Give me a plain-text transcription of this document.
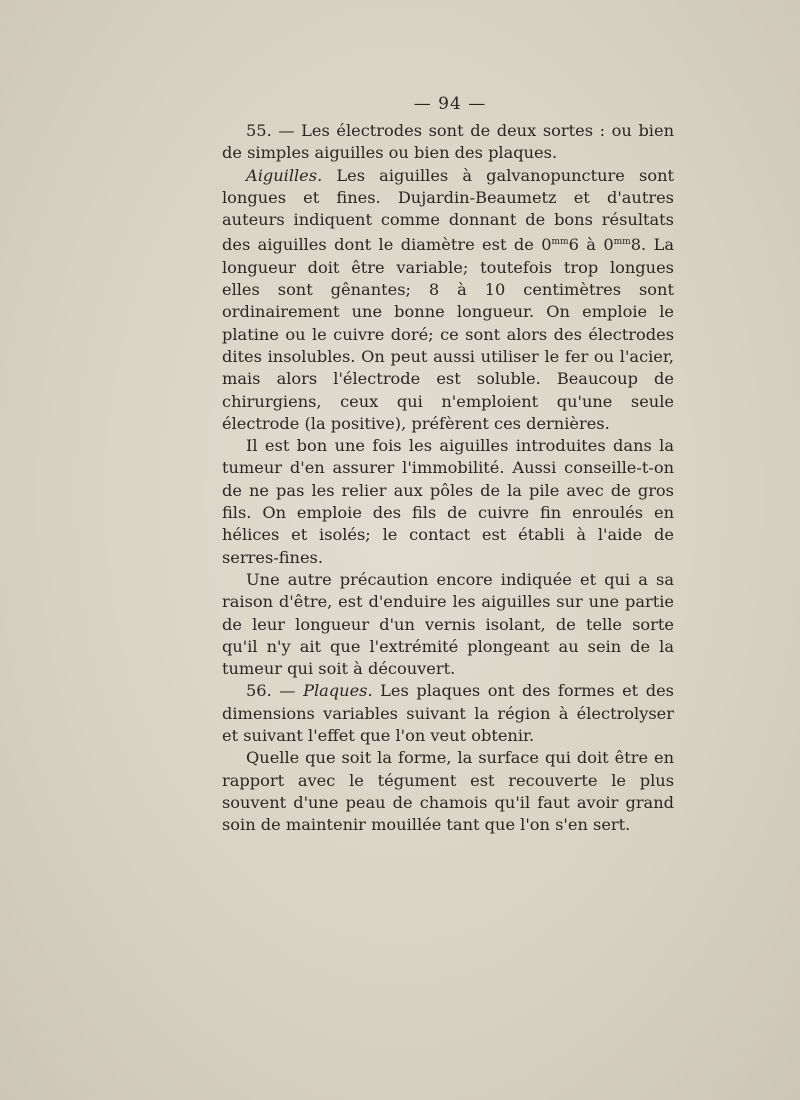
— 94 —

55. — Les électrodes sont de deux sortes : ou bien de simples aiguilles ou bien des plaques.

Aiguilles. Les aiguilles à galvanopuncture sont longues et fines. Dujardin-Beaumetz et d'autres auteurs indiquent comme donnant de bons résultats des aiguilles dont le diamètre est de $0^{mm}6$ à $0^{mm}8$. La longueur doit être variable; toutefois trop longues elles sont gênantes; 8 à 10 centimètres sont ordinairement une bonne longueur. On emploie le platine ou le cuivre doré; ce sont alors des électrodes dites insolubles. On peut aussi utiliser le fer ou l'acier, mais alors l'électrode est soluble. Beaucoup de chirurgiens, ceux qui n'emploient qu'une seule électrode (la positive), préfèrent ces dernières.

Il est bon une fois les aiguilles introduites dans la tumeur d'en assurer l'immobilité. Aussi conseille-t-on de ne pas les relier aux pôles de la pile avec de gros fils. On emploie des fils de cuivre fin enroulés en hélices et isolés; le contact est établi à l'aide de serres-fines.

Une autre précaution encore indiquée et qui a sa raison d'être, est d'enduire les aiguilles sur une partie de leur longueur d'un vernis isolant, de telle sorte qu'il n'y ait que l'extrémité plongeant au sein de la tumeur qui soit à découvert.

56. — Plaques. Les plaques ont des formes et des dimensions variables suivant la région à électrolyser et suivant l'effet que l'on veut obtenir.

Quelle que soit la forme, la surface qui doit être en rapport avec le tégument est recouverte le plus souvent d'une peau de chamois qu'il faut avoir grand soin de maintenir mouillée tant que l'on s'en sert.
